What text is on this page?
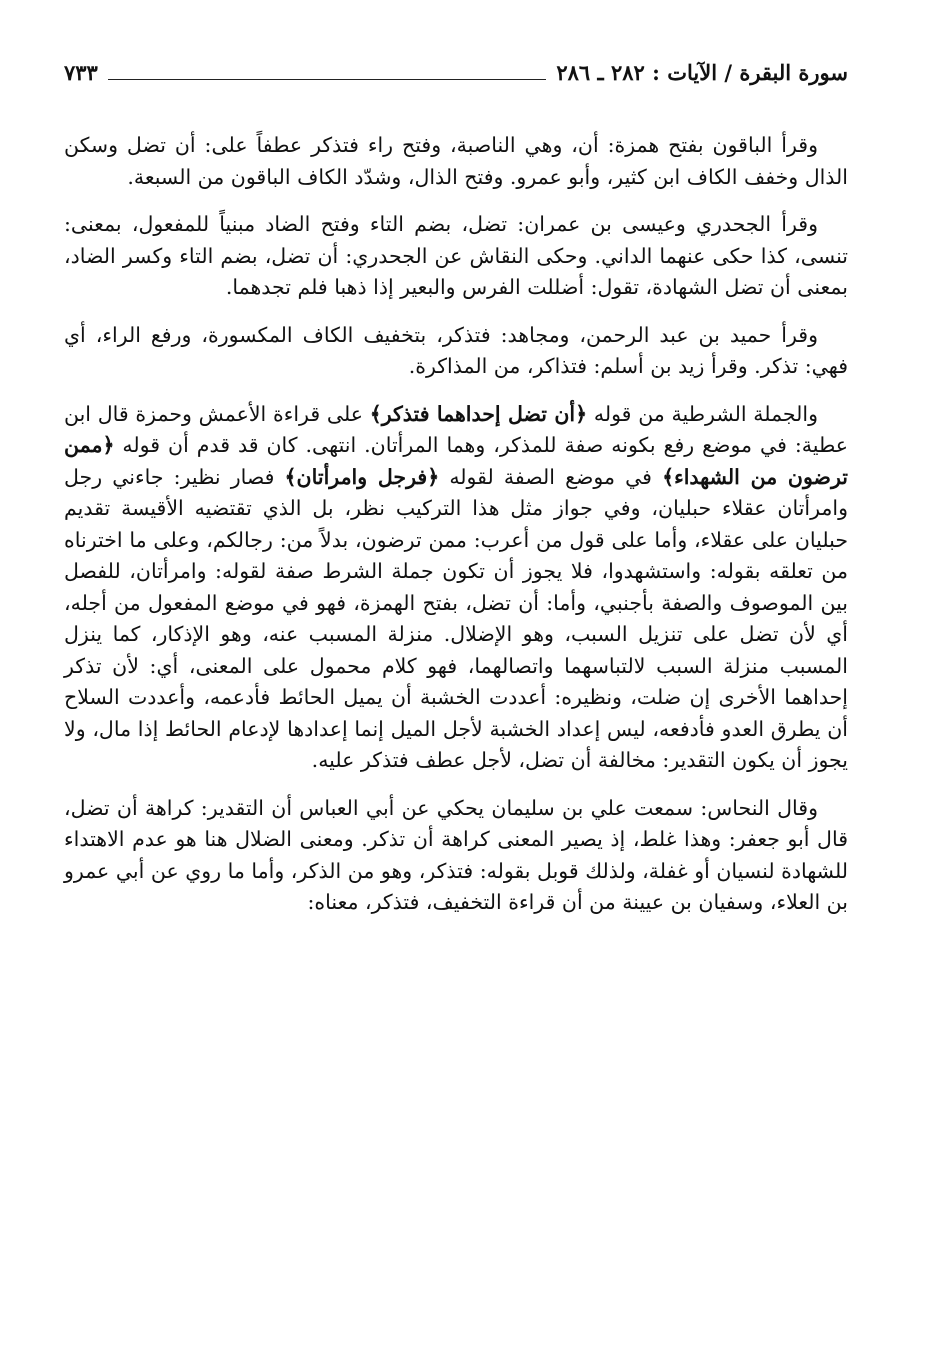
سورة البقرة / الآيات : ٢٨٢ ـ ٢٨٦
٧٣٣

وقرأ الباقون بفتح همزة: أن، وهي الناصبة، وفتح راء فتذكر عطفاً على: أن تضل وسكن الذال وخفف الكاف ابن كثير، وأبو عمرو. وفتح الذال، وشدّد الكاف الباقون من السبعة.

وقرأ الجحدري وعيسى بن عمران: تضل، بضم التاء وفتح الضاد مبنياً للمفعول، بمعنى: تنسى، كذا حكى عنهما الداني. وحكى النقاش عن الجحدري: أن تضل، بضم التاء وكسر الضاد، بمعنى أن تضل الشهادة، تقول: أضللت الفرس والبعير إذا ذهبا فلم تجدهما.

وقرأ حميد بن عبد الرحمن، ومجاهد: فتذكر، بتخفيف الكاف المكسورة، ورفع الراء، أي فهي: تذكر. وقرأ زيد بن أسلم: فتذاكر، من المذاكرة.

والجملة الشرطية من قوله ﴿أن تضل إحداهما فتذكر﴾ على قراءة الأعمش وحمزة قال ابن عطية: في موضع رفع بكونه صفة للمذكر، وهما المرأتان. انتهى. كان قد قدم أن قوله ﴿ممن ترضون من الشهداء﴾ في موضع الصفة لقوله ﴿فرجل وامرأتان﴾ فصار نظير: جاءني رجل وامرأتان عقلاء حبليان، وفي جواز مثل هذا التركيب نظر، بل الذي تقتضيه الأقيسة تقديم حبليان على عقلاء، وأما على قول من أعرب: ممن ترضون، بدلاً من: رجالكم، وعلى ما اخترناه من تعلقه بقوله: واستشهدوا، فلا يجوز أن تكون جملة الشرط صفة لقوله: وامرأتان، للفصل بين الموصوف والصفة بأجنبي، وأما: أن تضل، بفتح الهمزة، فهو في موضع المفعول من أجله، أي لأن تضل على تنزيل السبب، وهو الإضلال. منزلة المسبب عنه، وهو الإذكار، كما ينزل المسبب منزلة السبب لالتباسهما واتصالهما، فهو كلام محمول على المعنى، أي: لأن تذكر إحداهما الأخرى إن ضلت، ونظيره: أعددت الخشبة أن يميل الحائط فأدعمه، وأعددت السلاح أن يطرق العدو فأدفعه، ليس إعداد الخشبة لأجل الميل إنما إعدادها لإدعام الحائط إذا مال، ولا يجوز أن يكون التقدير: مخالفة أن تضل، لأجل عطف فتذكر عليه.

وقال النحاس: سمعت علي بن سليمان يحكي عن أبي العباس أن التقدير: كراهة أن تضل، قال أبو جعفر: وهذا غلط، إذ يصير المعنى كراهة أن تذكر. ومعنى الضلال هنا هو عدم الاهتداء للشهادة لنسيان أو غفلة، ولذلك قوبل بقوله: فتذكر، وهو من الذكر، وأما ما روي عن أبي عمرو بن العلاء، وسفيان بن عيينة من أن قراءة التخفيف، فتذكر، معناه:
